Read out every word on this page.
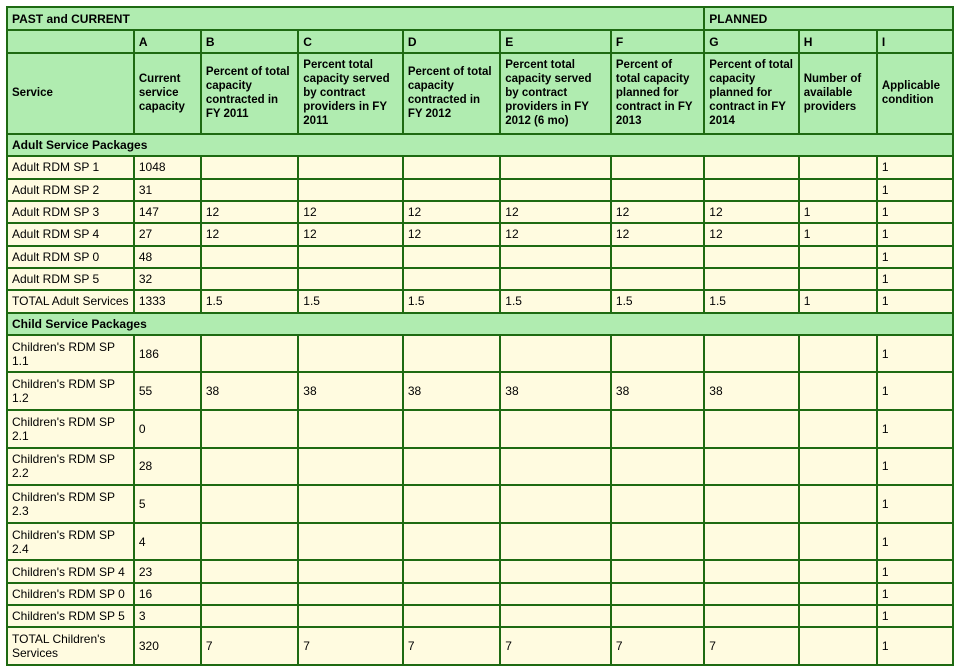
PAST and CURRENT							PLANNED		
	A	B	C	D	E	F	G	H	I
Service	Current service capacity	Percent of total capacity contracted in FY 2011	Percent total capacity served by contract providers in FY 2011	Percent of total capacity contracted in FY 2012	Percent total capacity served by contract providers in FY 2012 (6 mo)	Percent of total capacity planned for contract in FY 2013	Percent of total capacity planned for contract in FY 2014	Number of available providers	Applicable condition
Adult Service Packages									
Adult RDM SP 1	1048								1
Adult RDM SP 2	31								1
Adult RDM SP 3	147	12	12	12	12	12	12	1	1
Adult RDM SP 4	27	12	12	12	12	12	12	1	1
Adult RDM SP 0	48								1
Adult RDM SP 5	32								1
TOTAL Adult Services	1333	1.5	1.5	1.5	1.5	1.5	1.5	1	1
Child Service Packages									
Children's RDM SP 1.1	186								1
Children's RDM SP 1.2	55	38	38	38	38	38	38		1
Children's RDM SP 2.1	0								1
Children's RDM SP 2.2	28								1
Children's RDM SP 2.3	5								1
Children's RDM SP 2.4	4								1
Children's RDM SP 4	23								1
Children's RDM SP 0	16								1
Children's RDM SP 5	3								1
TOTAL Children's Services	320	7	7	7	7	7	7		1
